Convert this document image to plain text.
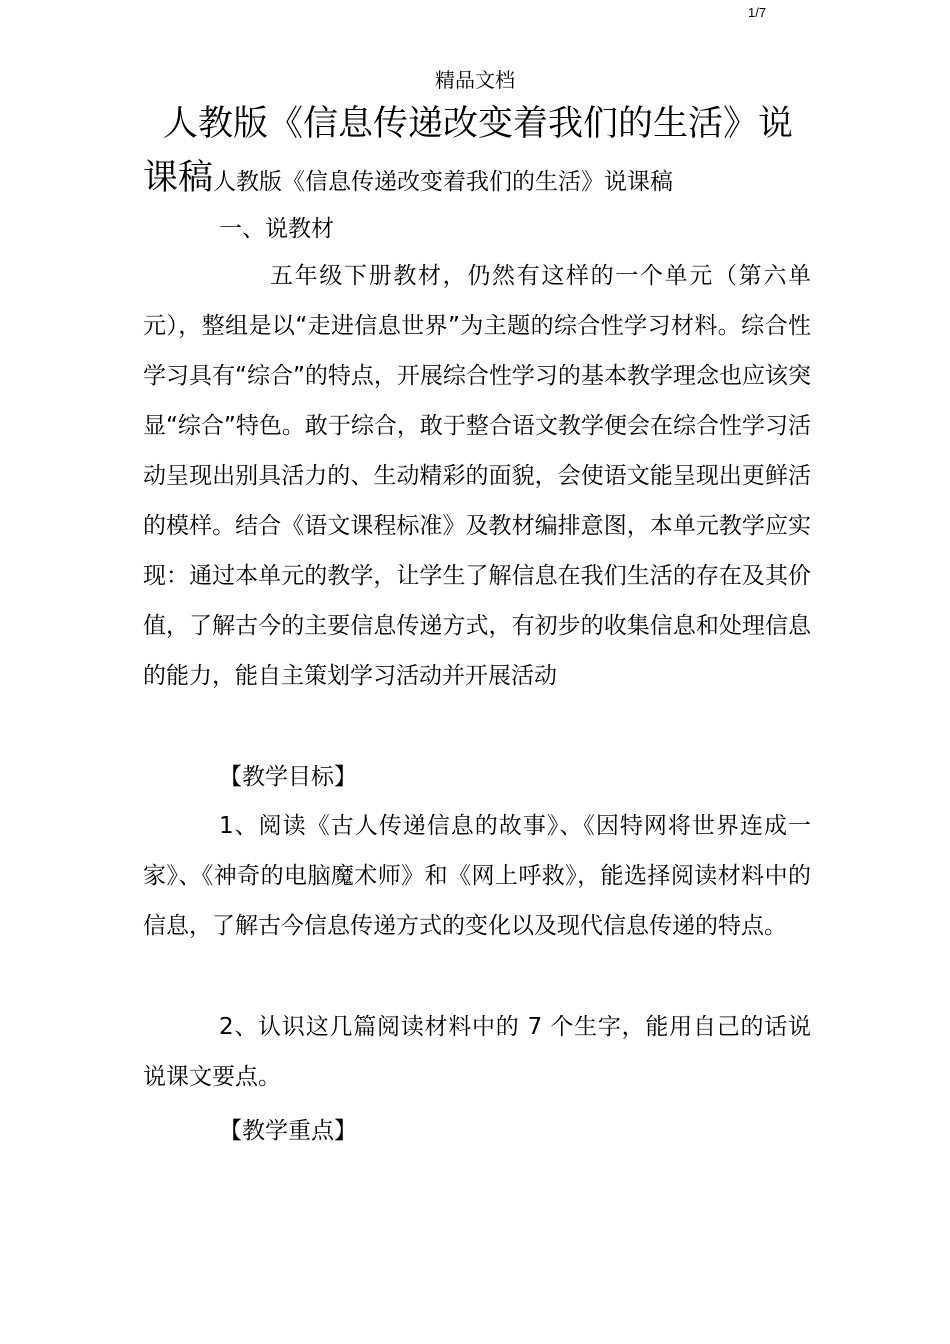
1/7
精品文档
人教版《信息传递改变着我们的生活》说
课稿人教版《信息传递改变着我们的生活》说课稿
一、说教材

五年级下册教材，仍然有这样的一个单元（第六单元），整组是以“走进信息世界”为主题的综合性学习材料。综合性学习具有“综合”的特点，开展综合性学习的基本教学理念也应该突显“综合”特色。敢于综合，敢于整合语文教学便会在综合性学习活动呈现出别具活力的、生动精彩的面貌，会使语文能呈现出更鲜活的模样。结合《语文课程标准》及教材编排意图，本单元教学应实现：通过本单元的教学，让学生了解信息在我们生活的存在及其价值，了解古今的主要信息传递方式，有初步的收集信息和处理信息的能力，能自主策划学习活动并开展活动

【教学目标】

1、阅读《古人传递信息的故事》、《因特网将世界连成一家》、《神奇的电脑魔术师》和《网上呼救》，能选择阅读材料中的信息，了解古今信息传递方式的变化以及现代信息传递的特点。

2、认识这几篇阅读材料中的 7 个生字，能用自己的话说说课文要点。

【教学重点】
